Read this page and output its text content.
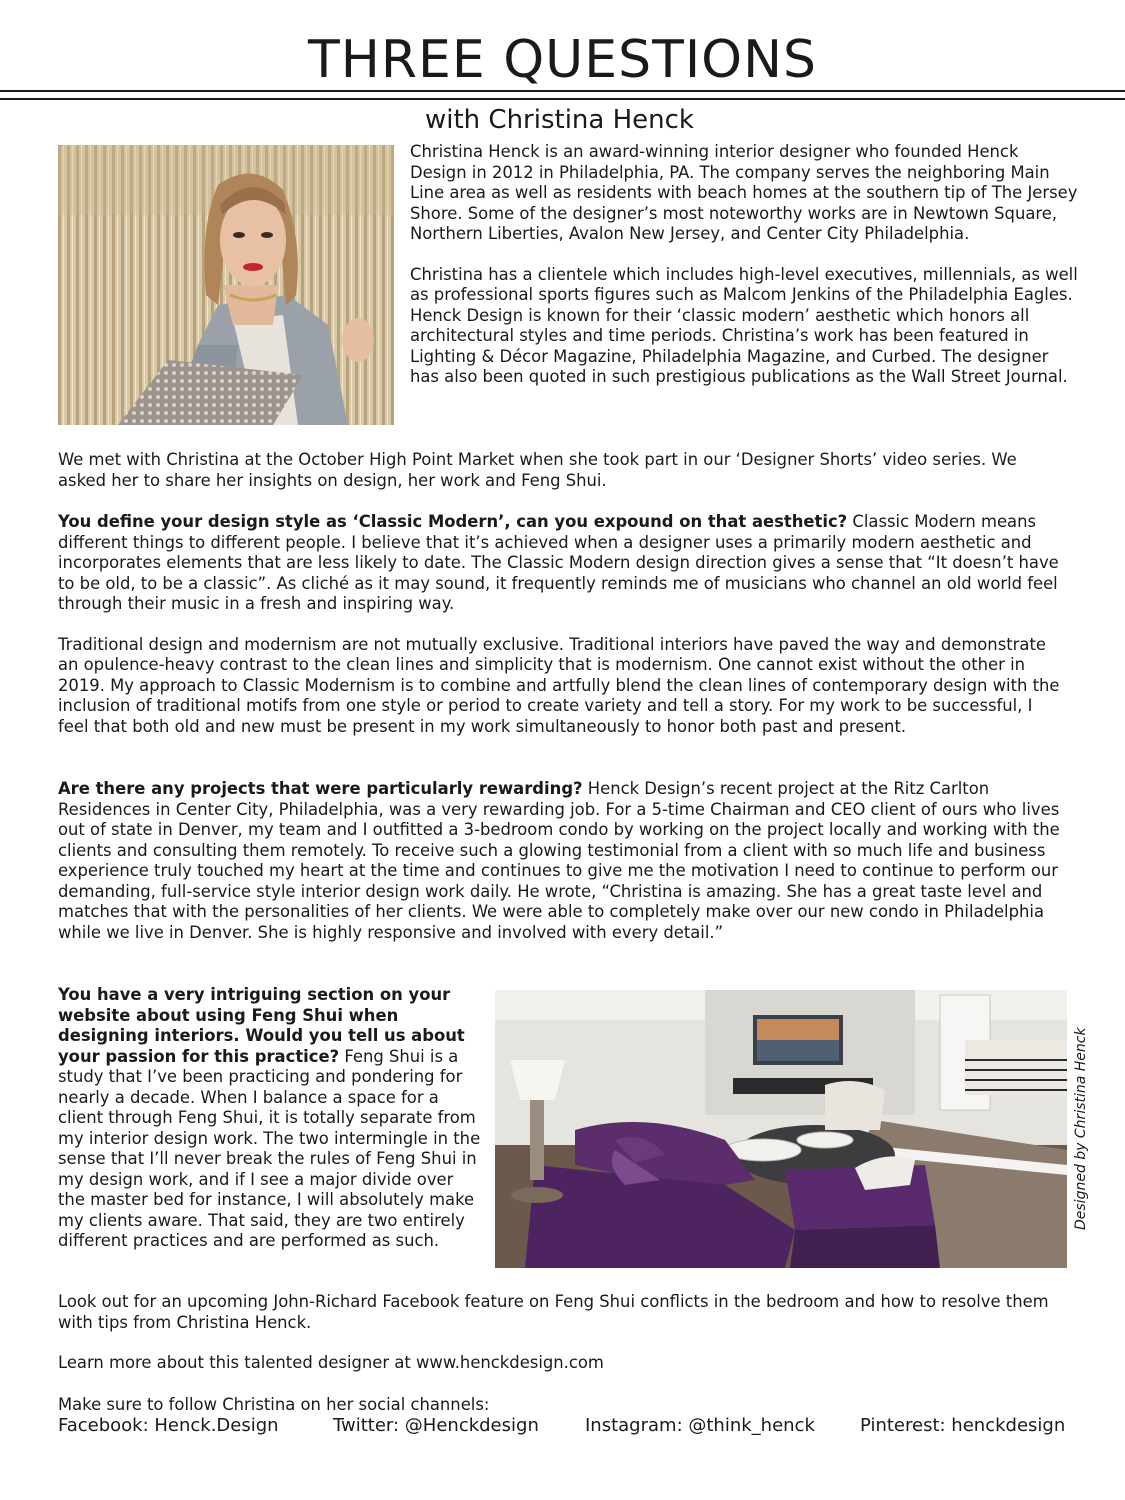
THREE QUESTIONS
with Christina Henck

Christina Henck is an award-winning interior designer who founded Henck Design in 2012 in Philadelphia, PA. The company serves the neighboring Main Line area as well as residents with beach homes at the southern tip of The Jersey Shore. Some of the designer’s most noteworthy works are in Newtown Square, Northern Liberties, Avalon New Jersey, and Center City Philadelphia.

Christina has a clientele which includes high-level executives, millennials, as well as professional sports figures such as Malcom Jenkins of the Philadelphia Eagles. Henck Design is known for their ‘classic modern’ aesthetic which honors all architectural styles and time periods. Christina’s work has been featured in Lighting & Décor Magazine, Philadelphia Magazine, and Curbed. The designer has also been quoted in such prestigious publications as the Wall Street Journal.

We met with Christina at the October High Point Market when she took part in our ‘Designer Shorts’ video series. We asked her to share her insights on design, her work and Feng Shui.

You define your design style as ‘Classic Modern’, can you expound on that aesthetic? Classic Modern means different things to different people. I believe that it’s achieved when a designer uses a primarily modern aesthetic and incorporates elements that are less likely to date. The Classic Modern design direction gives a sense that “It doesn’t have to be old, to be a classic”. As cliché as it may sound, it frequently reminds me of musicians who channel an old world feel through their music in a fresh and inspiring way.

Traditional design and modernism are not mutually exclusive. Traditional interiors have paved the way and demonstrate an opulence-heavy contrast to the clean lines and simplicity that is modernism. One cannot exist without the other in 2019. My approach to Classic Modernism is to combine and artfully blend the clean lines of contemporary design with the inclusion of traditional motifs from one style or period to create variety and tell a story. For my work to be successful, I feel that both old and new must be present in my work simultaneously to honor both past and present.

Are there any projects that were particularly rewarding? Henck Design’s recent project at the Ritz Carlton Residences in Center City, Philadelphia, was a very rewarding job. For a 5-time Chairman and CEO client of ours who lives out of state in Denver, my team and I outfitted a 3-bedroom condo by working on the project locally and working with the clients and consulting them remotely. To receive such a glowing testimonial from a client with so much life and business experience truly touched my heart at the time and continues to give me the motivation I need to continue to perform our demanding, full-service style interior design work daily. He wrote, “Christina is amazing. She has a great taste level and matches that with the personalities of her clients. We were able to completely make over our new condo in Philadelphia while we live in Denver. She is highly responsive and involved with every detail.”

You have a very intriguing section on your website about using Feng Shui when designing interiors. Would you tell us about your passion for this practice? Feng Shui is a study that I’ve been practicing and pondering for nearly a decade. When I balance a space for a client through Feng Shui, it is totally separate from my interior design work. The two intermingle in the sense that I’ll never break the rules of Feng Shui in my design work, and if I see a major divide over the master bed for instance, I will absolutely make my clients aware. That said, they are two entirely different practices and are performed as such.

Designed by Christina Henck

Look out for an upcoming John-Richard Facebook feature on Feng Shui conflicts in the bedroom and how to resolve them with tips from Christina Henck.

Learn more about this talented designer at www.henckdesign.com

Make sure to follow Christina on her social channels:

Facebook: Henck.Design	Twitter: @Henckdesign	Instagram: @think_henck	Pinterest: henckdesign
